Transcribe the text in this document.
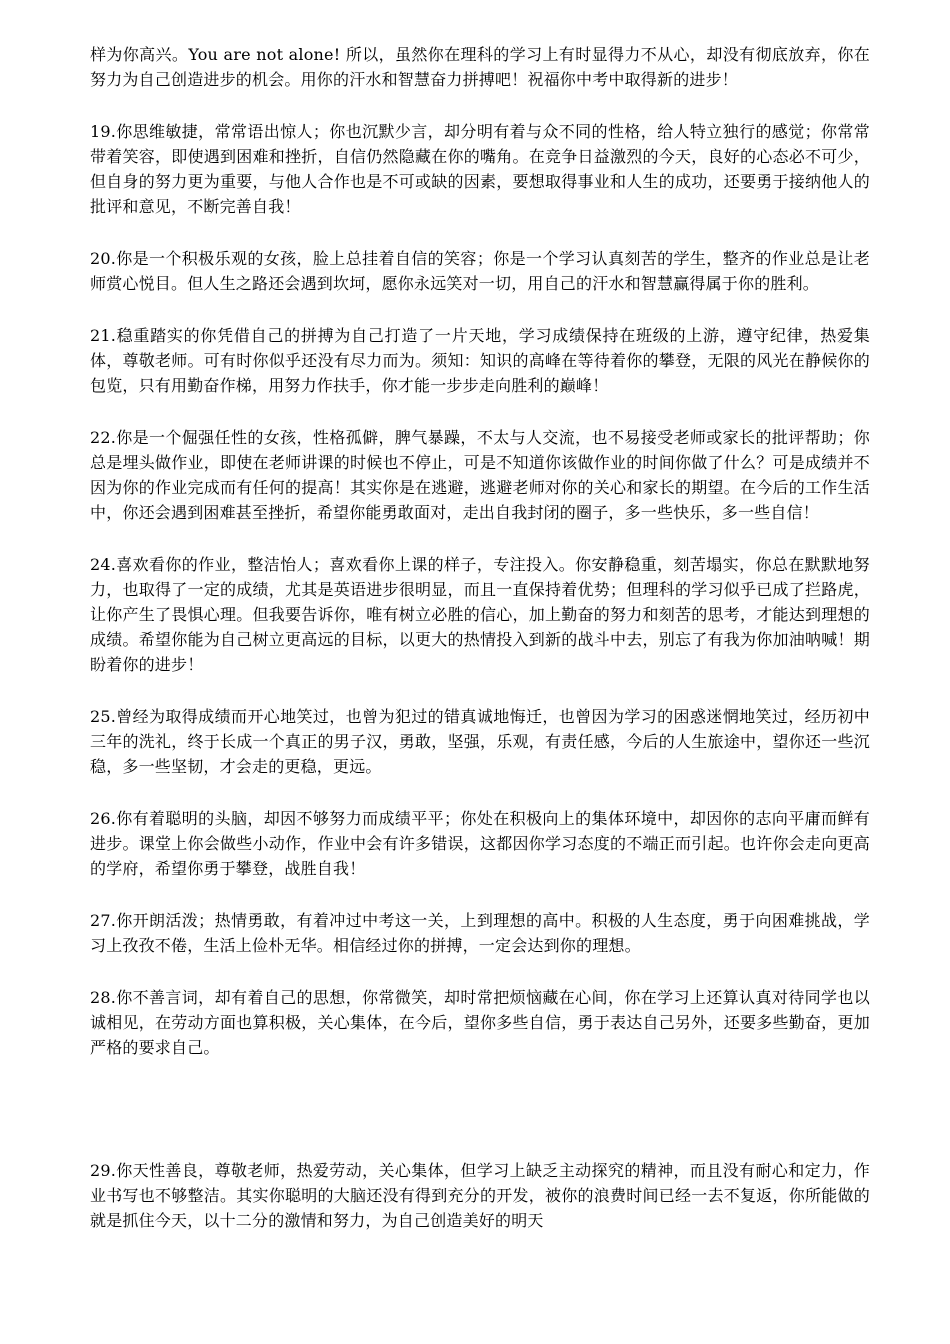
样为你高兴。You are not alone! 所以，虽然你在理科的学习上有时显得力不从心，却没有彻底放弃，你在努力为自己创造进步的机会。用你的汗水和智慧奋力拼搏吧！祝福你中考中取得新的进步！

19.你思维敏捷，常常语出惊人；你也沉默少言，却分明有着与众不同的性格，给人特立独行的感觉；你常常带着笑容，即使遇到困难和挫折，自信仍然隐藏在你的嘴角。在竞争日益激烈的今天，良好的心态必不可少，但自身的努力更为重要，与他人合作也是不可或缺的因素，要想取得事业和人生的成功，还要勇于接纳他人的批评和意见，不断完善自我！

20.你是一个积极乐观的女孩，脸上总挂着自信的笑容；你是一个学习认真刻苦的学生，整齐的作业总是让老师赏心悦目。但人生之路还会遇到坎坷，愿你永远笑对一切，用自己的汗水和智慧赢得属于你的胜利。

21.稳重踏实的你凭借自己的拼搏为自己打造了一片天地，学习成绩保持在班级的上游，遵守纪律，热爱集体，尊敬老师。可有时你似乎还没有尽力而为。须知：知识的高峰在等待着你的攀登，无限的风光在静候你的包览，只有用勤奋作梯，用努力作扶手，你才能一步步走向胜利的巅峰！

22.你是一个倔强任性的女孩，性格孤僻，脾气暴躁，不太与人交流，也不易接受老师或家长的批评帮助；你总是埋头做作业，即使在老师讲课的时候也不停止，可是不知道你该做作业的时间你做了什么？可是成绩并不因为你的作业完成而有任何的提高！其实你是在逃避，逃避老师对你的关心和家长的期望。在今后的工作生活中，你还会遇到困难甚至挫折，希望你能勇敢面对，走出自我封闭的圈子，多一些快乐，多一些自信！

24.喜欢看你的作业，整洁怡人；喜欢看你上课的样子，专注投入。你安静稳重，刻苦塌实，你总在默默地努力，也取得了一定的成绩，尤其是英语进步很明显，而且一直保持着优势；但理科的学习似乎已成了拦路虎，让你产生了畏惧心理。但我要告诉你，唯有树立必胜的信心，加上勤奋的努力和刻苦的思考，才能达到理想的成绩。希望你能为自己树立更高远的目标，以更大的热情投入到新的战斗中去，别忘了有我为你加油呐喊！期盼着你的进步！

25.曾经为取得成绩而开心地笑过，也曾为犯过的错真诚地悔迁，也曾因为学习的困惑迷惘地笑过，经历初中三年的洗礼，终于长成一个真正的男子汉，勇敢，坚强，乐观，有责任感，今后的人生旅途中，望你还一些沉稳，多一些坚韧，才会走的更稳，更远。

26.你有着聪明的头脑，却因不够努力而成绩平平；你处在积极向上的集体环境中，却因你的志向平庸而鲜有进步。课堂上你会做些小动作，作业中会有许多错误，这都因你学习态度的不端正而引起。也许你会走向更高的学府，希望你勇于攀登，战胜自我！

27.你开朗活泼；热情勇敢，有着冲过中考这一关，上到理想的高中。积极的人生态度，勇于向困难挑战，学习上孜孜不倦，生活上俭朴无华。相信经过你的拼搏，一定会达到你的理想。

28.你不善言词，却有着自己的思想，你常微笑，却时常把烦恼藏在心间，你在学习上还算认真对待同学也以诚相见，在劳动方面也算积极，关心集体，在今后，望你多些自信，勇于表达自己另外，还要多些勤奋，更加严格的要求自己。

29.你天性善良，尊敬老师，热爱劳动，关心集体，但学习上缺乏主动探究的精神，而且没有耐心和定力，作业书写也不够整洁。其实你聪明的大脑还没有得到充分的开发，被你的浪费时间已经一去不复返，你所能做的就是抓住今天，以十二分的激情和努力，为自己创造美好的明天
